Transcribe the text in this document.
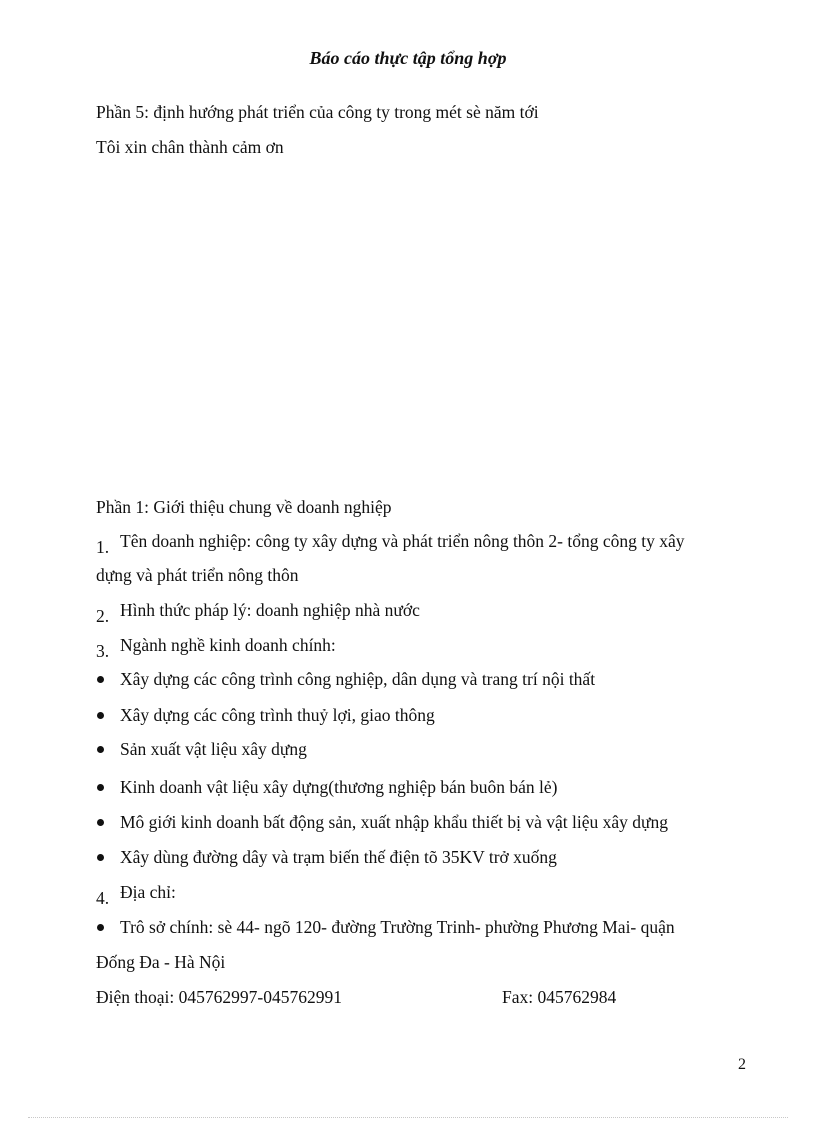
Báo cáo thực tập tổng hợp
Phần 5: định hướng phát triển của công ty trong mét sè năm tới
Tôi xin chân thành cảm ơn
Phần 1: Giới thiệu chung về doanh nghiệp
1. Tên doanh nghiệp: công ty xây dựng và phát triển nông thôn 2- tổng công ty xây
dựng và phát triển nông thôn
2. Hình thức pháp lý: doanh nghiệp nhà nước
3. Ngành nghề kinh doanh chính:
Xây dựng các công trình công nghiệp, dân dụng và trang trí nội thất
Xây dựng các công trình thuỷ lợi, giao thông
Sản xuất vật liệu xây dựng
Kinh doanh vật liệu xây dựng(thương nghiệp bán buôn bán lẻ)
Mô giới kinh doanh bất động sản, xuất nhập khẩu thiết bị và vật liệu xây dựng
Xây dùng đường dây và trạm biến thế điện tõ 35KV trở xuống
4. Địa chỉ:
Trô sở chính: sè 44- ngõ 120- đường Trường Trinh- phường Phương Mai- quận
Đống Đa - Hà Nội
Điện thoại: 045762997-045762991	Fax: 045762984
2
